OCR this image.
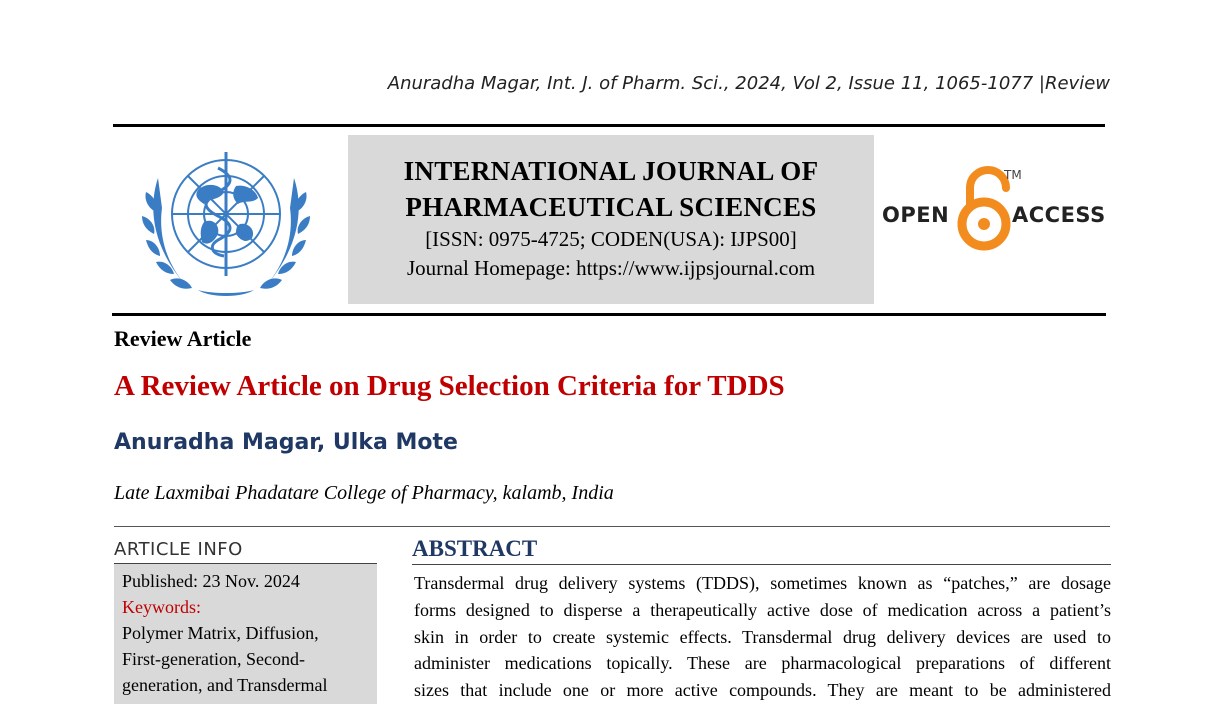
Anuradha Magar, Int. J. of Pharm. Sci., 2024, Vol 2, Issue 11, 1065-1077 |Review
INTERNATIONAL JOURNAL OF
PHARMACEUTICAL SCIENCES
[ISSN: 0975-4725; CODEN(USA): IJPS00]
Journal Homepage: https://www.ijpsjournal.com
OPEN
TM
ACCESS
Review Article
A Review Article on Drug Selection Criteria for TDDS
Anuradha Magar, Ulka Mote
Late Laxmibai Phadatare College of Pharmacy, kalamb, India
ARTICLE INFO
Published: 23 Nov. 2024
Keywords:
Polymer Matrix, Diffusion,
First-generation, Second-
generation, and Transdermal
ABSTRACT
Transdermal drug delivery systems (TDDS), sometimes known as “patches,” are dosage
forms designed to disperse a therapeutically active dose of medication across a patient’s
skin in order to create systemic effects. Transdermal drug delivery devices are used to
administer medications topically. These are pharmacological preparations of different
sizes that include one or more active compounds. They are meant to be administered
